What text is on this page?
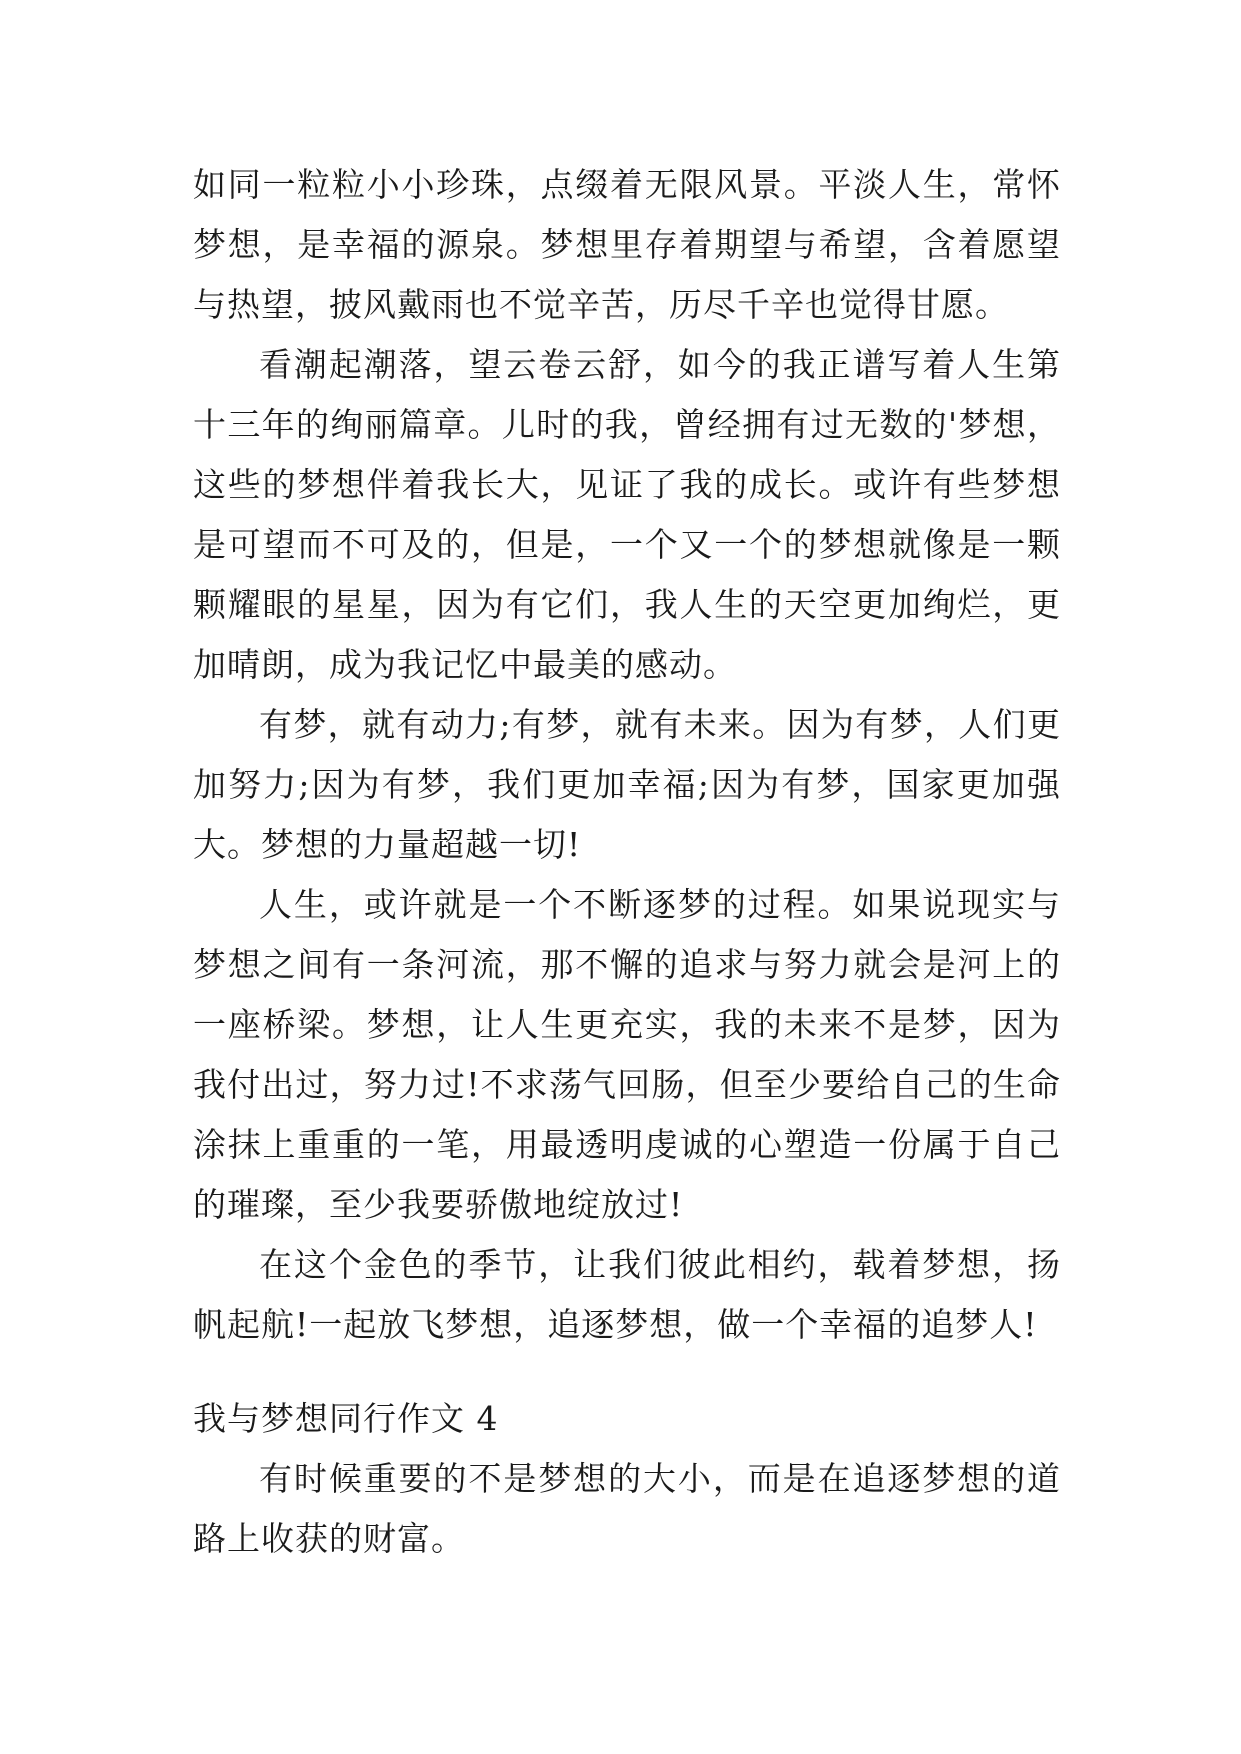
如同一粒粒小小珍珠，点缀着无限风景。平淡人生，常怀梦想，是幸福的源泉。梦想里存着期望与希望，含着愿望与热望，披风戴雨也不觉辛苦，历尽千辛也觉得甘愿。

看潮起潮落，望云卷云舒，如今的我正谱写着人生第十三年的绚丽篇章。儿时的我，曾经拥有过无数的'梦想，这些的梦想伴着我长大，见证了我的成长。或许有些梦想是可望而不可及的，但是，一个又一个的梦想就像是一颗颗耀眼的星星，因为有它们，我人生的天空更加绚烂，更加晴朗，成为我记忆中最美的感动。

有梦，就有动力;有梦，就有未来。因为有梦，人们更加努力;因为有梦，我们更加幸福;因为有梦，国家更加强大。梦想的力量超越一切!

人生，或许就是一个不断逐梦的过程。如果说现实与梦想之间有一条河流，那不懈的追求与努力就会是河上的一座桥梁。梦想，让人生更充实，我的未来不是梦，因为我付出过，努力过!不求荡气回肠，但至少要给自己的生命涂抹上重重的一笔，用最透明虔诚的心塑造一份属于自己的璀璨，至少我要骄傲地绽放过!

在这个金色的季节，让我们彼此相约，载着梦想，扬帆起航!一起放飞梦想，追逐梦想，做一个幸福的追梦人!

我与梦想同行作文 4

有时候重要的不是梦想的大小，而是在追逐梦想的道路上收获的财富。
